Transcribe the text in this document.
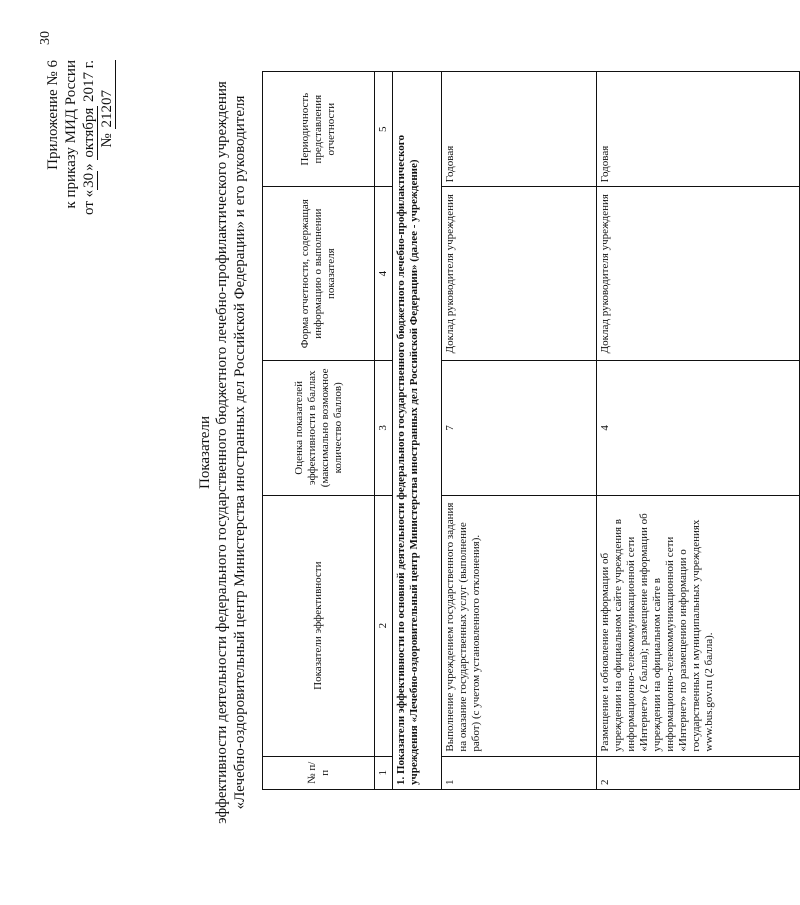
30
Приложение № 6 к приказу МИД России от «30» октября 2017 г.
№ 21207
Показатели эффективности деятельности федерального государственного бюджетного лечебно-профилактического учреждения «Лечебно-оздоровительный центр Министерства иностранных дел Российской Федерации» и его руководителя	№ п/п	Показатели эффективности	Оценка показателей эффективности в баллах (максимально возможное количество баллов)	Форма отчетности, содержащая информацию о выполнении показателя	Периодичность представления отчетности
1	2	3	4	5
1. Показатели эффективности по основной деятельности федерального государственного бюджетного лечебно-профилактического учреждения «Лечебно-оздоровительный центр Министерства иностранных дел Российской Федерации» (далее - учреждение)				
1	Выполнение учреждением государственного задания на оказание государственных услуг (выполнение работ) (с учетом установленного отклонения).	7	Доклад руководителя учреждения	Годовая
2	Размещение и обновление информации об учреждении на официальном сайте учреждения в информационно-телекоммуникационной сети «Интернет» (2 балла); размещение информации об учреждении на официальном сайте в информационно-телекоммуникационной сети «Интернет» по размещению информации о государственных и муниципальных учреждениях www.bus.gov.ru (2 балла).	4	Доклад руководителя учреждения	Годовая
